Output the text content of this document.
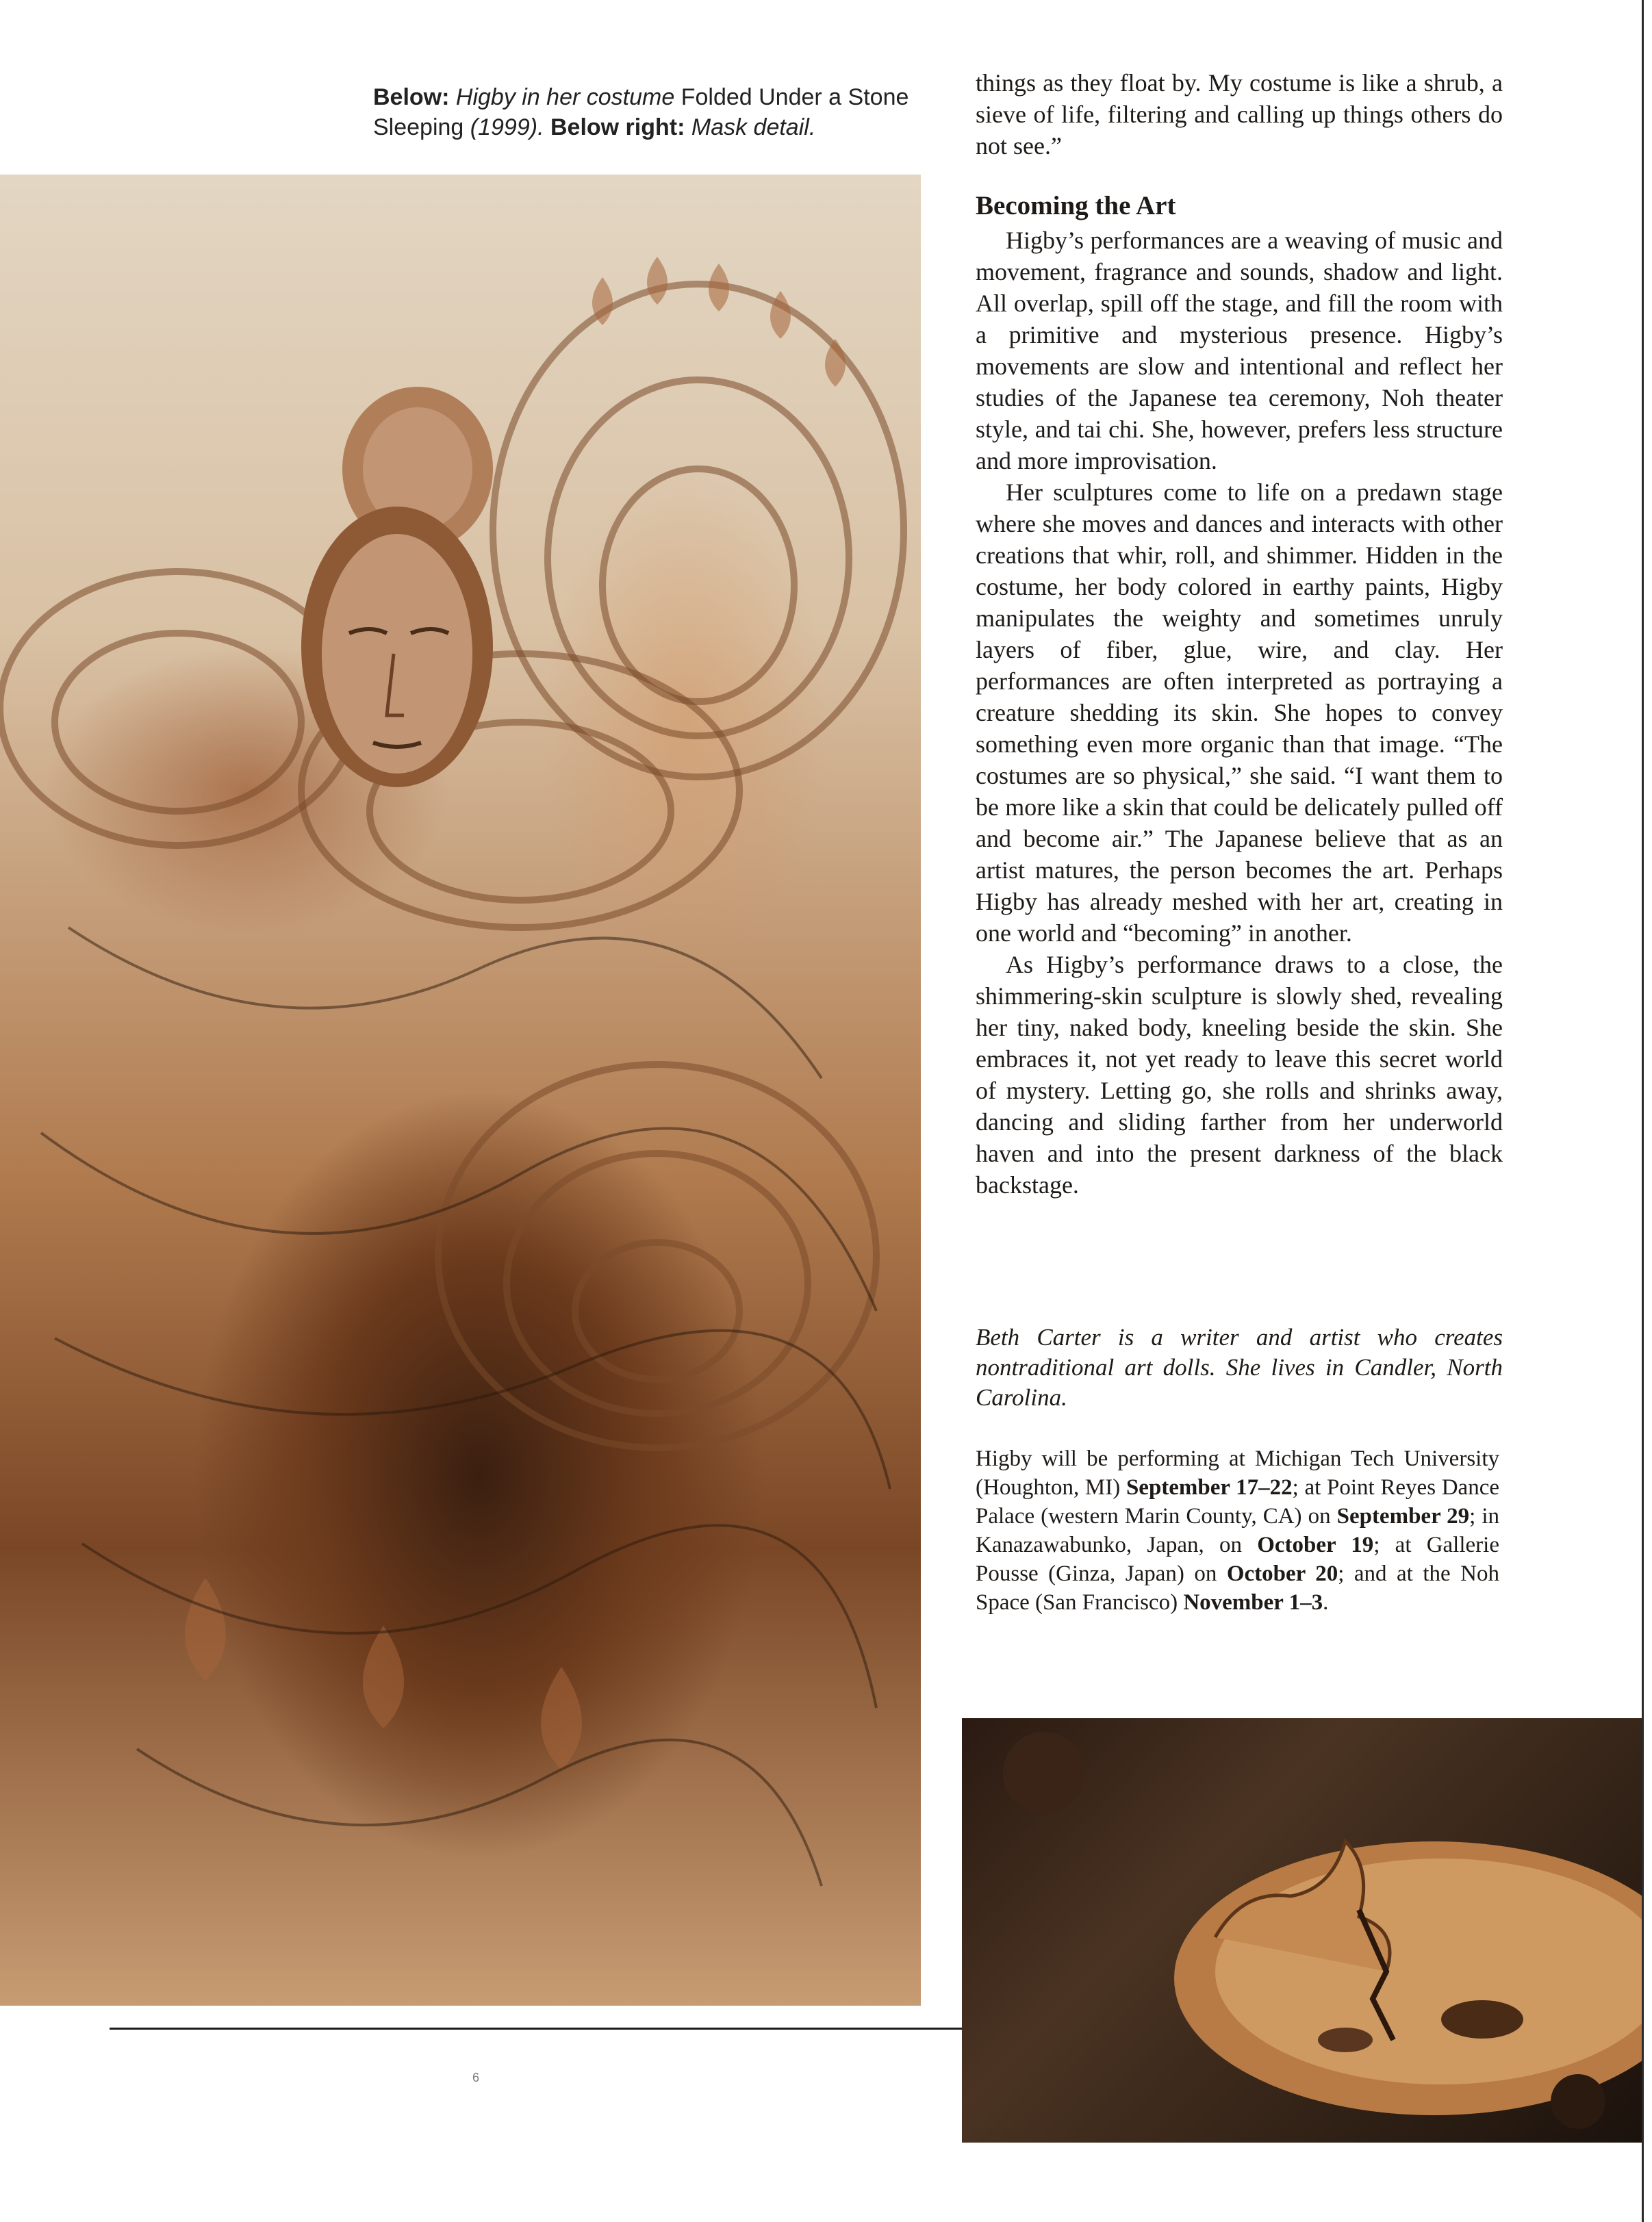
Below: Higby in her costume Folded Under a Stone Sleeping (1999). Below right: Mask detail.
things as they float by. My costume is like a shrub, a sieve of life, filtering and calling up things others do not see.”
Becoming the Art

Higby’s performances are a weaving of music and movement, fragrance and sounds, shadow and light. All overlap, spill off the stage, and fill the room with a primitive and mysterious presence. Higby’s movements are slow and intentional and reflect her studies of the Japanese tea ceremony, Noh theater style, and tai chi. She, however, prefers less structure and more improvisation.

Her sculptures come to life on a predawn stage where she moves and dances and interacts with other creations that whir, roll, and shimmer. Hidden in the costume, her body colored in earthy paints, Higby manipulates the weighty and sometimes unruly layers of fiber, glue, wire, and clay. Her performances are often interpreted as portraying a creature shedding its skin. She hopes to convey something even more organic than that image. “The costumes are so physical,” she said. “I want them to be more like a skin that could be delicately pulled off and become air.” The Japanese believe that as an artist matures, the person becomes the art. Perhaps Higby has already meshed with her art, creating in one world and “becoming” in another.

As Higby’s performance draws to a close, the shimmering-skin sculpture is slowly shed, revealing her tiny, naked body, kneeling beside the skin. She embraces it, not yet ready to leave this secret world of mystery. Letting go, she rolls and shrinks away, dancing and sliding farther from her underworld haven and into the present darkness of the black backstage.

Beth Carter is a writer and artist who creates nontraditional art dolls. She lives in Candler, North Carolina.
Higby will be performing at Michigan Tech University (Houghton, MI) September 17–22; at Point Reyes Dance Palace (western Marin County, CA) on September 29; in Kanazawabunko, Japan, on October 19; at Gallerie Pousse (Ginza, Japan) on October 20; and at the Noh Space (San Francisco) November 1–3.
6
